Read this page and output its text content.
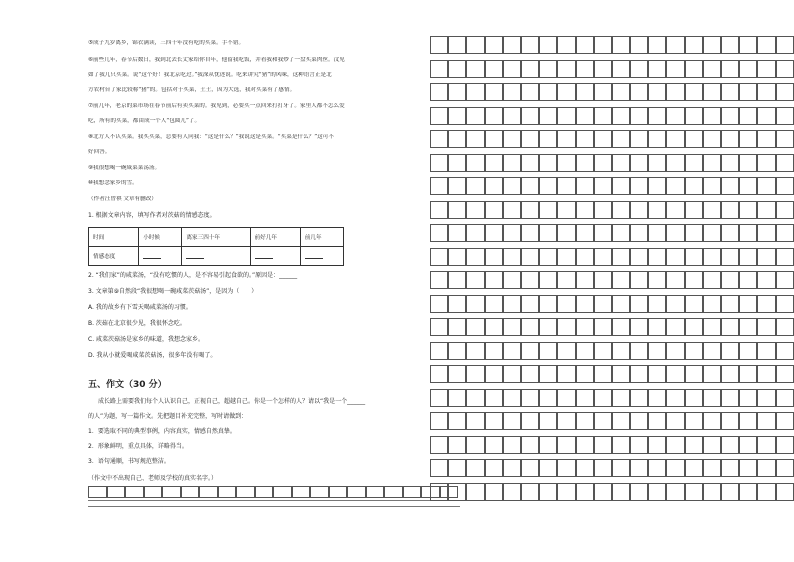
⑤成子九岁离乡，锦衣满读，三四十年没有吃的买菜。手不错。
⑥前些几年，春节后数日，我到北去长丈家给你自年，他留我吃饭，并看我和我炒了一盘买菜肉丝。汶见
如了我几只买菜。说“这个好！我北京吃过。”我深从忱述说。吃来讲究“猪”的风味，这种语言正是北
方农村台了家比较称“猪”的。包括对于买菜，土土，因为大选，我对买菜有了感情。
⑦前几年，老京的菜市场在春节前后有卖买菜的。我见到，必要买一点回来打打牙了。家里人都不怎么爱
吃，所有的买菜，都由成一个人“包圆儿”了。
⑧北方人不认买菜。我买买菜，总要有人问我：“这是什么？”我说这是买菜。“买菜是什么？”这可不
好回答。
⑨我很想喝一碗咸菜菜荡汤。
⑩我想念家乡的雪。
（作者汪曾祺 文章有删改）
1. 根据文章内容，填写作者对茨菇的情感态度。
时间	小时候	离家三四十年	前好几年	前几年
情感态度				
2. “我们家”的咸菜汤，“没有吃惯的人，是不容易引起食欲的。”原因是：______
3. 文章第⑨自然段“我很想喝一碗咸菜茨菇汤”，是因为（　　）
A. 我的故乡有下雪天喝咸菜汤的习惯。
B. 茨菇在北京很少见，我很怀念吃。
C. 咸菜茨菇汤是家乡的味道，我想念家乡。
D. 我从小就爱喝咸菜茨菇汤，很多年没有喝了。
五、作文（30 分）
成长路上需要我们每个人认识自己，正视自己，超越自己。你是一个怎样的人？请以“我是一个______
的人”为题，写一篇作文。先把题目补充完整，写时请做到：
1．要选取不同的典型事例，内容真实，情感自然真挚。
2．形象鲜明，重点具体，详略得当。
3．语句通顺，书写规范整洁。
（作文中不出现自己、老师及学校的真实名字。）
